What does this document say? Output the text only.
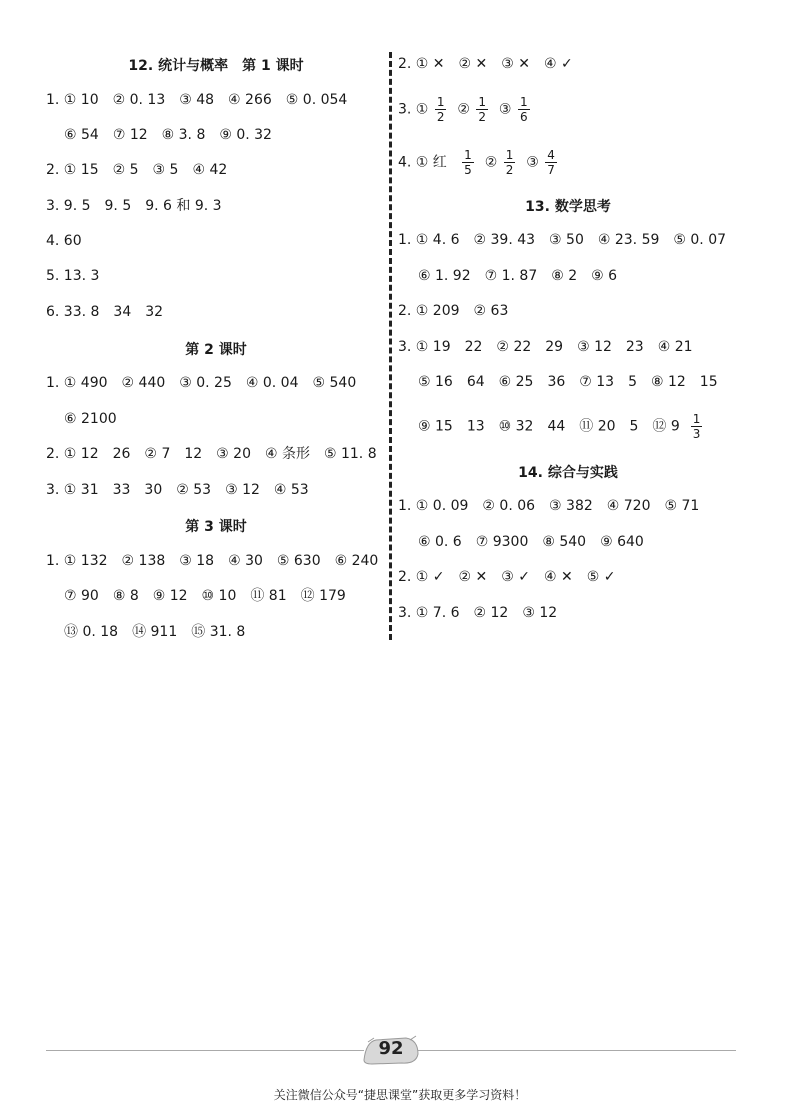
12. 统计与概率　第 1 课时
1. ① 10　② 0. 13　③ 48　④ 266　⑤ 0. 054
⑥ 54　⑦ 12　⑧ 3. 8　⑨ 0. 32
2. ① 15　② 5　③ 5　④ 42
3. 9. 5　9. 5　9. 6 和 9. 3
4. 60
5. 13. 3
6. 33. 8　34　32
第 2 课时
1. ① 490　② 440　③ 0. 25　④ 0. 04　⑤ 540
⑥ 2100
2. ① 12　26　② 7　12　③ 20　④ 条形　⑤ 11. 8
3. ① 31　33　30　② 53　③ 12　④ 53
第 3 课时
1. ① 132　② 138　③ 18　④ 30　⑤ 630　⑥ 240
⑦ 90　⑧ 8　⑨ 12　⑩ 10　⑪ 81　⑫ 179
⑬ 0. 18　⑭ 911　⑮ 31. 8
2. ① ✕　② ✕　③ ✕　④ ✓
3. ① $\frac{1}{2}$ ② $\frac{1}{2}$ ③ $\frac{1}{6}$
4. ① 红 $\frac{1}{5}$ ② $\frac{1}{2}$ ③ $\frac{4}{7}$
13. 数学思考
1. ① 4. 6　② 39. 43　③ 50　④ 23. 59　⑤ 0. 07
⑥ 1. 92　⑦ 1. 87　⑧ 2　⑨ 6
2. ① 209　② 63
3. ① 19　22　② 22　29　③ 12　23　④ 21
⑤ 16　64　⑥ 25　36　⑦ 13　5　⑧ 12　15
⑨ 15　13　⑩ 32　44　⑪ 20　5　⑫ $9 \frac{1}{3}$
14. 综合与实践
1. ① 0. 09　② 0. 06　③ 382　④ 720　⑤ 71
⑥ 0. 6　⑦ 9300　⑧ 540　⑨ 640
2. ① ✓　② ✕　③ ✓　④ ✕　⑤ ✓
3. ① 7. 6　② 12　③ 12
92
关注微信公众号“捷思课堂”获取更多学习资料！
